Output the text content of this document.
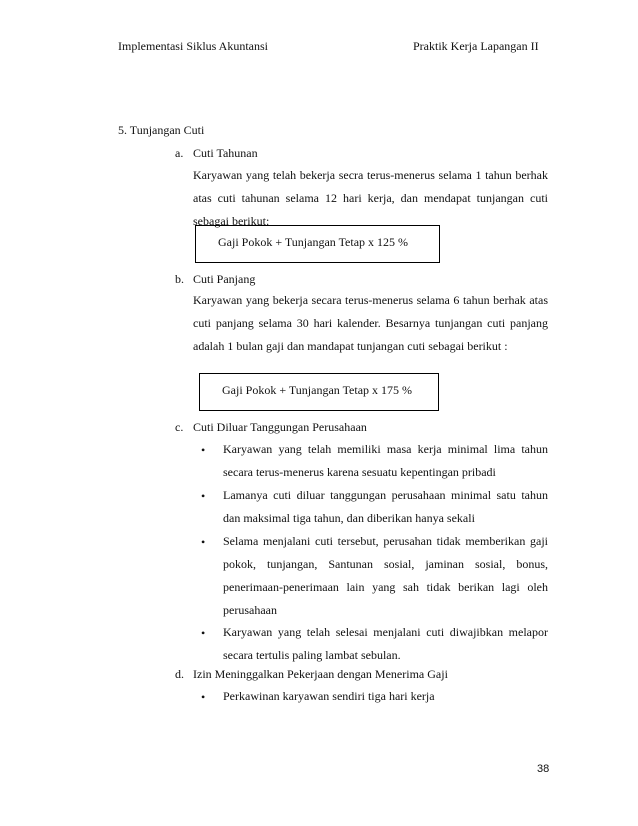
Implementasi Siklus Akuntansi	Praktik Kerja Lapangan II
5. Tunjangan Cuti
a. Cuti Tahunan
Karyawan yang telah bekerja secra terus-menerus selama 1 tahun berhak atas cuti tahunan selama 12 hari kerja, dan mendapat tunjangan cuti sebagai berikut:
Gaji Pokok + Tunjangan Tetap x 125 %
b. Cuti Panjang
Karyawan yang bekerja secara terus-menerus selama 6 tahun berhak atas cuti panjang selama 30 hari kalender. Besarnya tunjangan cuti panjang adalah 1 bulan gaji dan mandapat tunjangan cuti sebagai berikut :
Gaji Pokok + Tunjangan Tetap x 175 %
c. Cuti Diluar Tanggungan Perusahaan
• Karyawan yang telah memiliki masa kerja minimal lima tahun secara terus-menerus karena sesuatu kepentingan pribadi
• Lamanya cuti diluar tanggungan perusahaan minimal satu tahun dan maksimal tiga tahun, dan diberikan hanya sekali
• Selama menjalani cuti tersebut, perusahan tidak memberikan gaji pokok, tunjangan, Santunan sosial, jaminan sosial, bonus, penerimaan-penerimaan lain yang sah tidak berikan lagi oleh perusahaan
• Karyawan yang telah selesai menjalani cuti diwajibkan melapor secara tertulis paling lambat sebulan.
d. Izin Meninggalkan Pekerjaan dengan Menerima Gaji
• Perkawinan karyawan sendiri tiga hari kerja
38
